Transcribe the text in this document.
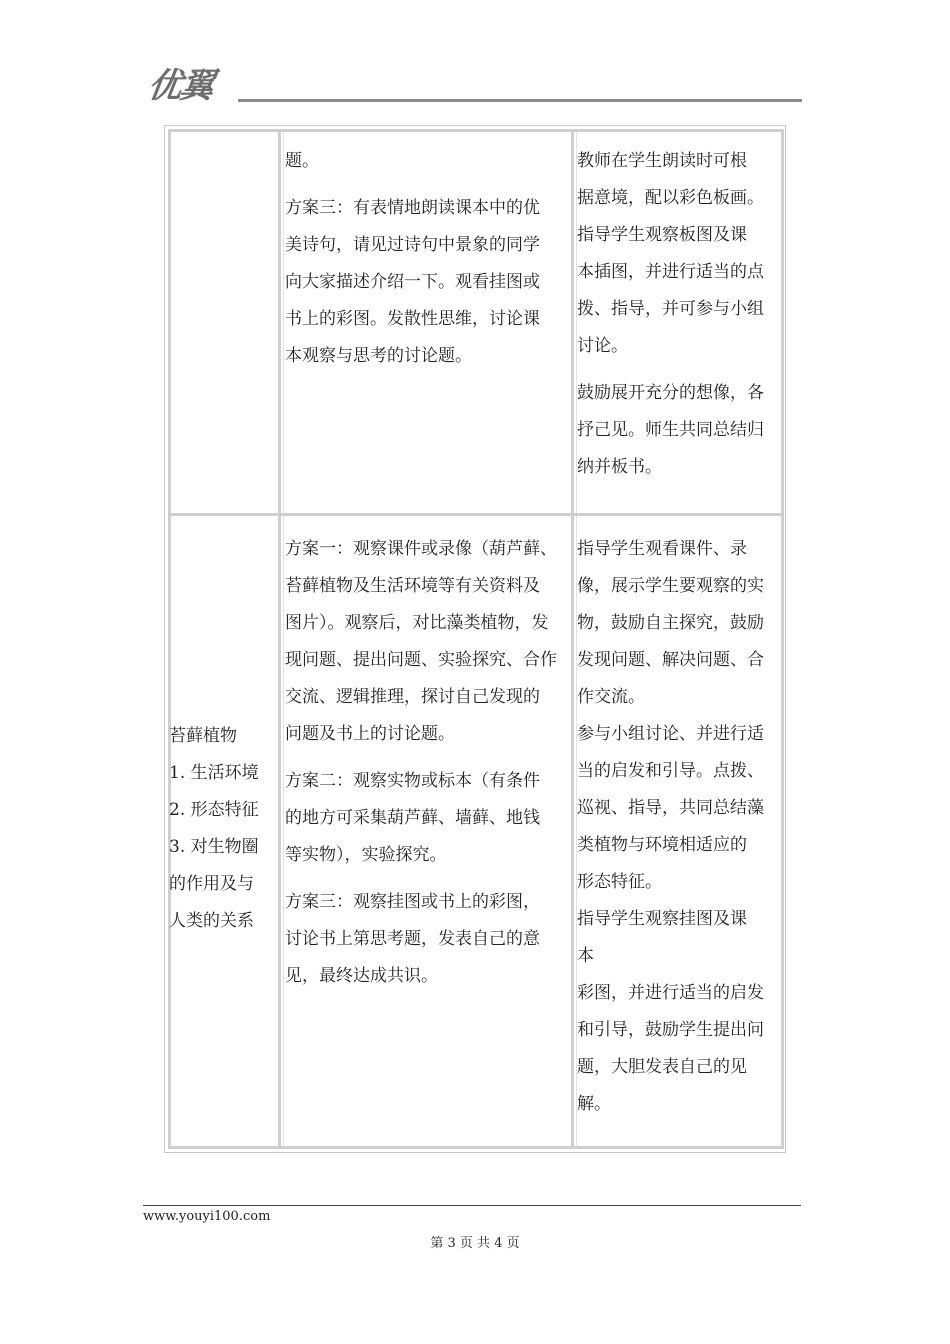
优翼

题。

方案三：有表情地朗读课本中的优
美诗句，请见过诗句中景象的同学
向大家描述介绍一下。观看挂图或
书上的彩图。发散性思维，讨论课
本观察与思考的讨论题。

教师在学生朗读时可根
据意境，配以彩色板画。
指导学生观察板图及课
本插图，并进行适当的点
拨、指导，并可参与小组
讨论。

鼓励展开充分的想像，各
抒己见。师生共同总结归
纳并板书。

苔藓植物
1. 生活环境
2. 形态特征
3. 对生物圈
的作用及与
人类的关系

方案一：观察课件或录像（葫芦藓、
苔藓植物及生活环境等有关资料及
图片）。观察后，对比藻类植物，发
现问题、提出问题、实验探究、合作
交流、逻辑推理，探讨自己发现的
问题及书上的讨论题。

方案二：观察实物或标本（有条件
的地方可采集葫芦藓、墙藓、地钱
等实物），实验探究。

方案三：观察挂图或书上的彩图，
讨论书上第思考题，发表自己的意
见，最终达成共识。

指导学生观看课件、录
像，展示学生要观察的实
物，鼓励自主探究，鼓励
发现问题、解决问题、合
作交流。
参与小组讨论、并进行适
当的启发和引导。点拨、
巡视、指导，共同总结藻
类植物与环境相适应的
形态特征。
指导学生观察挂图及课
本
彩图，并进行适当的启发
和引导，鼓励学生提出问
题，大胆发表自己的见
解。

www.youyi100.com
第 3 页 共 4 页
